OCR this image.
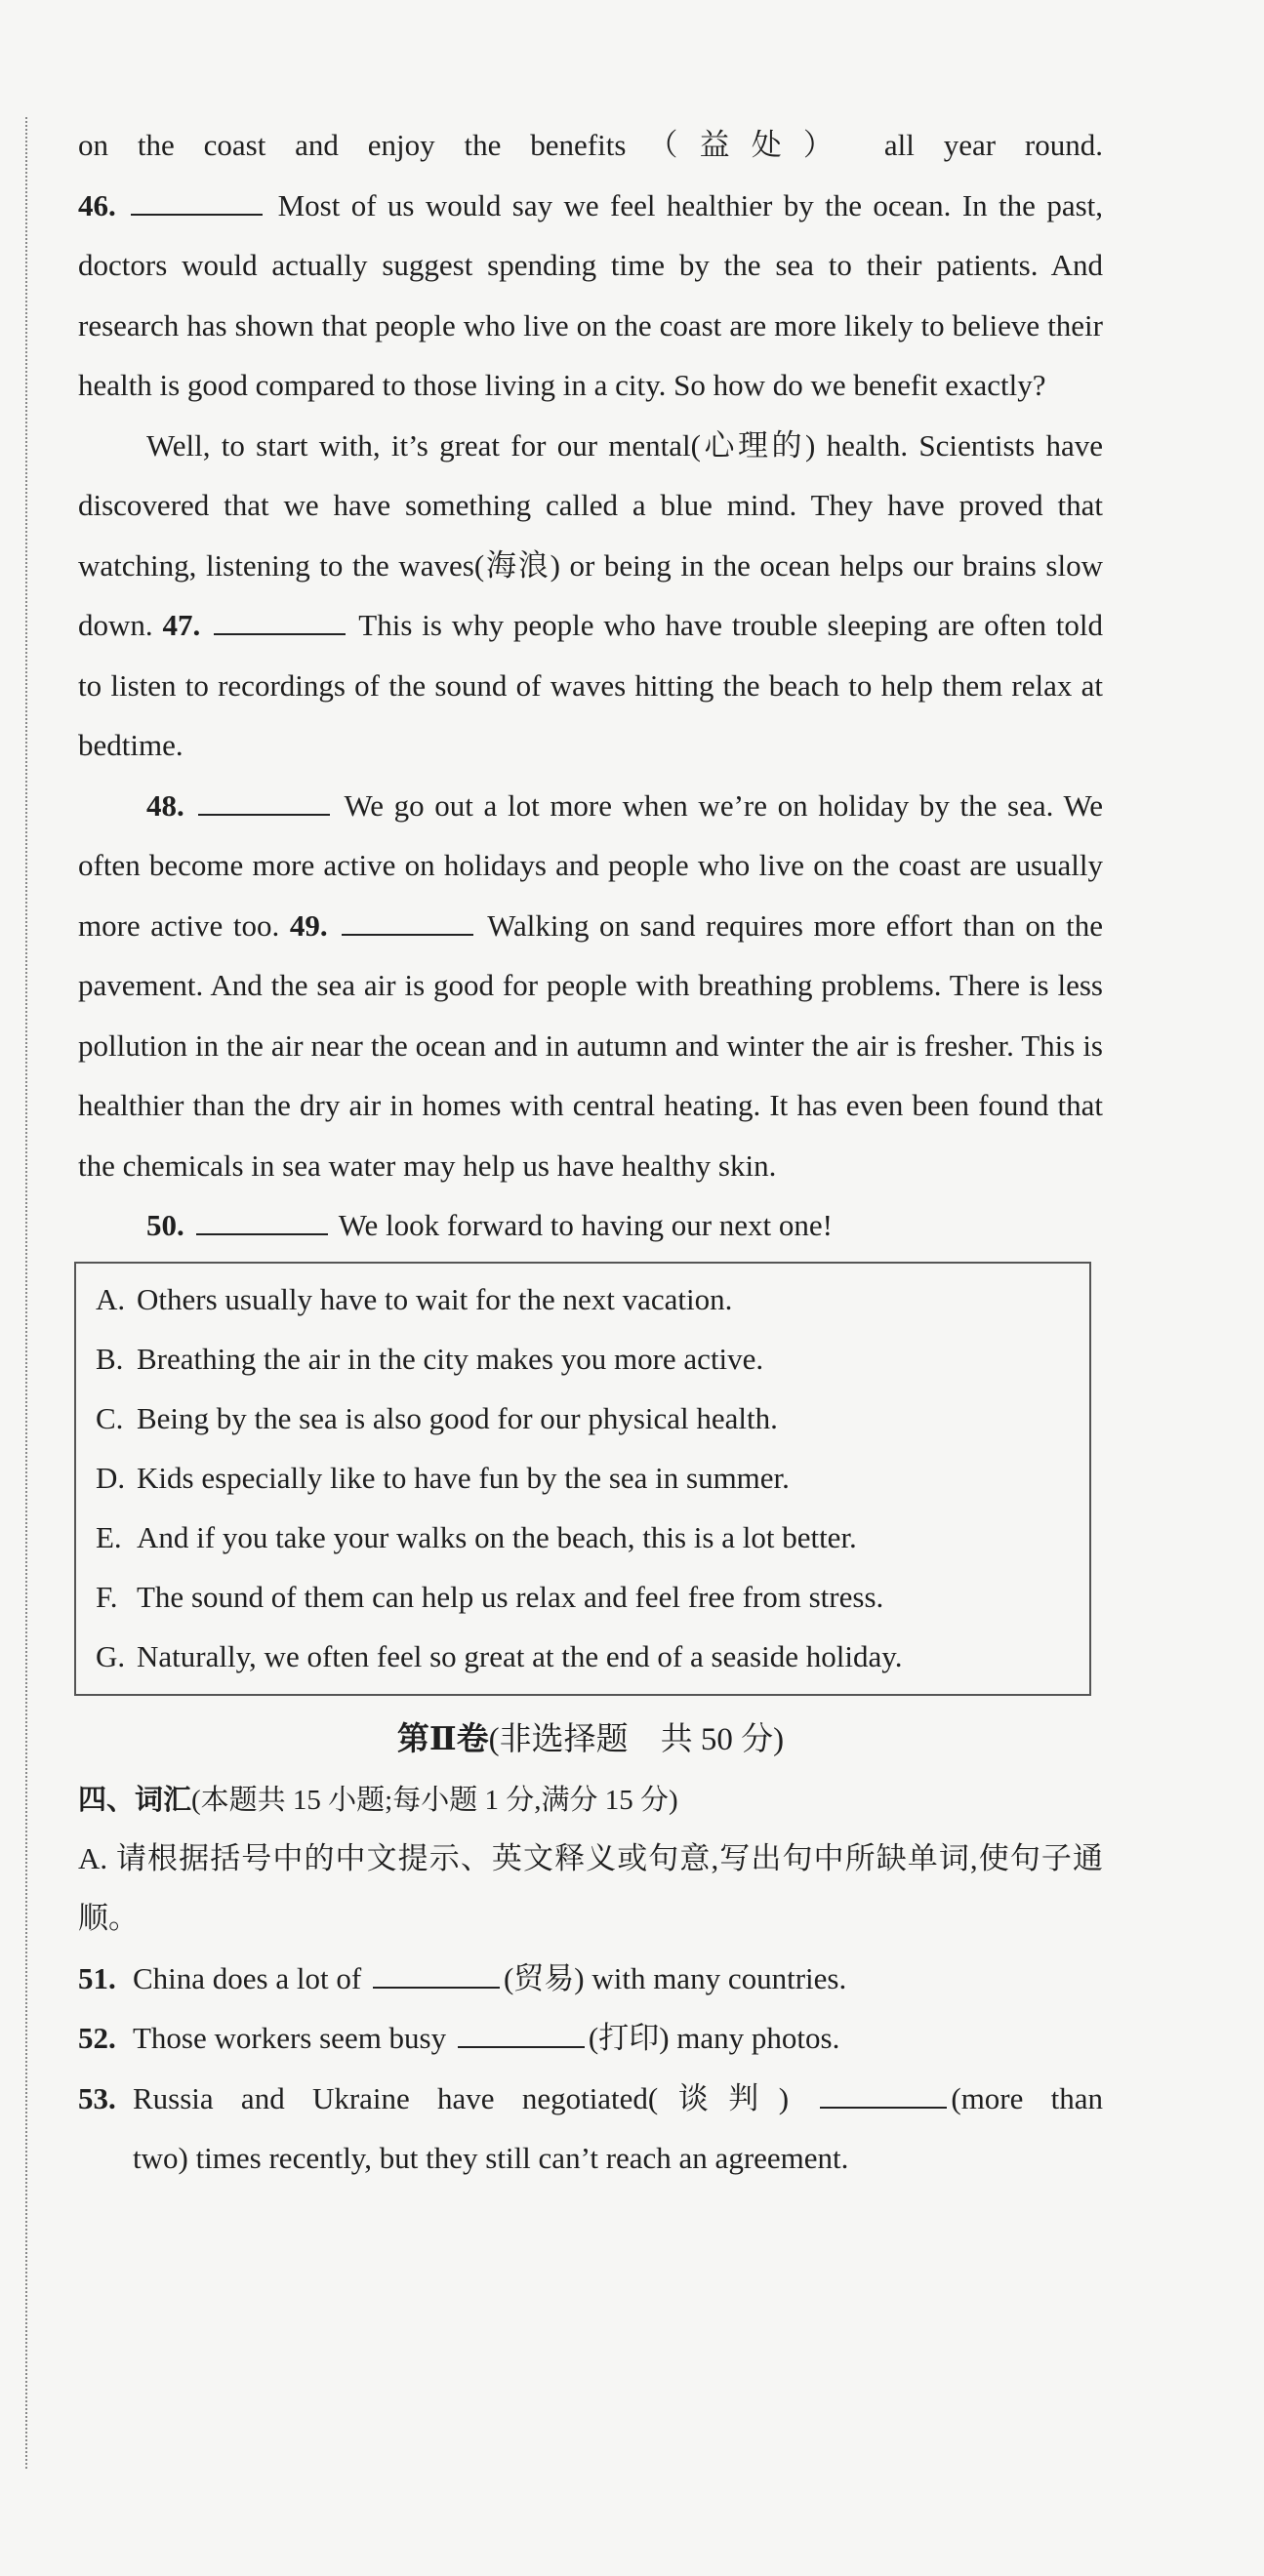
on the coast and enjoy the benefits（益处） all year round.

46.	Most of us would say we feel healthier by the ocean. In the past, doctors would actually suggest spending time by the sea to their patients. And research has shown that people who live on the coast are more likely to believe their health is good compared to those living in a city. So how do we benefit exactly?

Well, to start with, it’s great for our mental(心理的) health. Scientists have discovered that we have something called a blue mind. They have proved that watching, listening to the waves(海浪) or being in the ocean helps our brains slow down. 47.	This is why people who have trouble sleeping are often told to listen to recordings of the sound of waves hitting the beach to help them relax at bedtime.

48.	We go out a lot more when we’re on holiday by the sea. We often become more active on holidays and people who live on the coast are usually more active too. 49.	Walking on sand requires more effort than on the pavement. And the sea air is good for people with breathing problems. There is less pollution in the air near the ocean and in autumn and winter the air is fresher. This is healthier than the dry air in homes with central heating. It has even been found that the chemicals in sea water may help us have healthy skin.

50.	We look forward to having our next one!

A. Others usually have to wait for the next vacation.
B. Breathing the air in the city makes you more active.
C. Being by the sea is also good for our physical health.
D. Kids especially like to have fun by the sea in summer.
E. And if you take your walks on the beach, this is a lot better.
F. The sound of them can help us relax and feel free from stress.
G. Naturally, we often feel so great at the end of a seaside holiday.
第Ⅱ卷(非选择题　共 50 分)
四、词汇(本题共 15 小题;每小题 1 分,满分 15 分)

A. 请根据括号中的中文提示、英文释义或句意,写出句中所缺单词,使句子通顺。

51. China does a lot of	(贸易) with many countries.
52. Those workers seem busy	(打印) many photos.
53. Russia and Ukraine have negotiated(谈判)	(more than
two) times recently, but they still can’t reach an agreement.
